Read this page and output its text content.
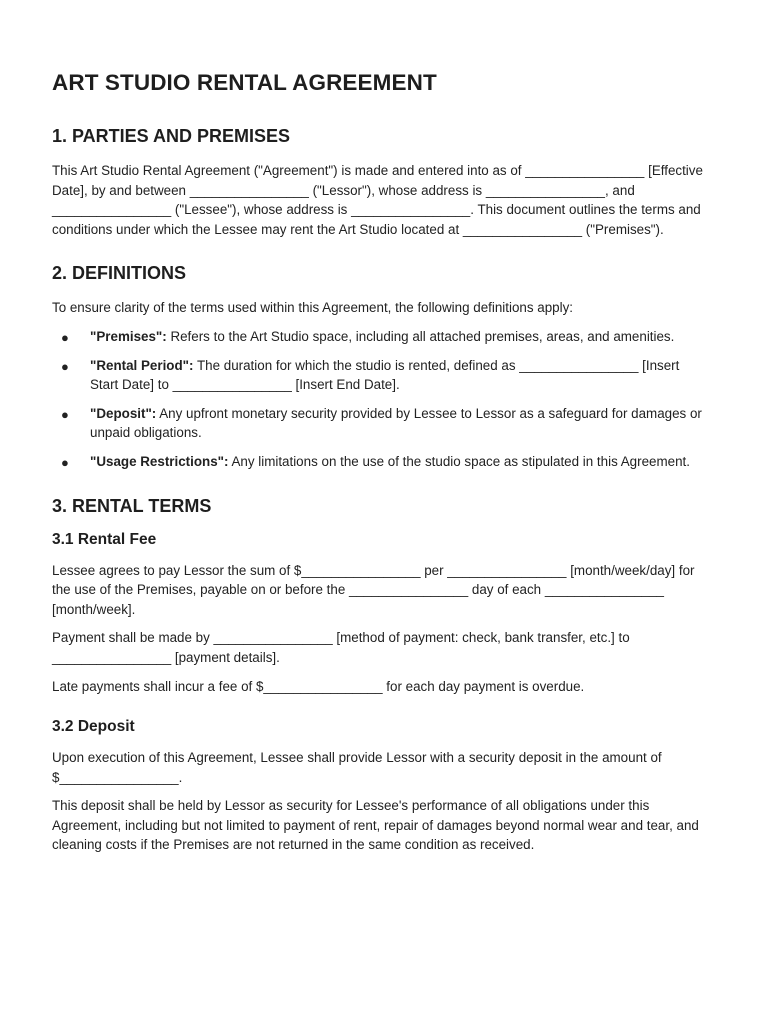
ART STUDIO RENTAL AGREEMENT
1. PARTIES AND PREMISES

This Art Studio Rental Agreement ("Agreement") is made and entered into as of ________________ [Effective Date], by and between ________________ ("Lessor"), whose address is ________________, and ________________ ("Lessee"), whose address is ________________. This document outlines the terms and conditions under which the Lessee may rent the Art Studio located at ________________ ("Premises").

2. DEFINITIONS

To ensure clarity of the terms used within this Agreement, the following definitions apply:

● "Premises": Refers to the Art Studio space, including all attached premises, areas, and amenities.
● "Rental Period": The duration for which the studio is rented, defined as ________________ [Insert Start Date] to ________________ [Insert End Date].
● "Deposit": Any upfront monetary security provided by Lessee to Lessor as a safeguard for damages or unpaid obligations.
● "Usage Restrictions": Any limitations on the use of the studio space as stipulated in this Agreement.
3. RENTAL TERMS
3.1 Rental Fee

Lessee agrees to pay Lessor the sum of $________________ per ________________ [month/week/day] for the use of the Premises, payable on or before the ________________ day of each ________________ [month/week].

Payment shall be made by ________________ [method of payment: check, bank transfer, etc.] to ________________ [payment details].

Late payments shall incur a fee of $________________ for each day payment is overdue.

3.2 Deposit

Upon execution of this Agreement, Lessee shall provide Lessor with a security deposit in the amount of $________________.

This deposit shall be held by Lessor as security for Lessee's performance of all obligations under this Agreement, including but not limited to payment of rent, repair of damages beyond normal wear and tear, and cleaning costs if the Premises are not returned in the same condition as received.
